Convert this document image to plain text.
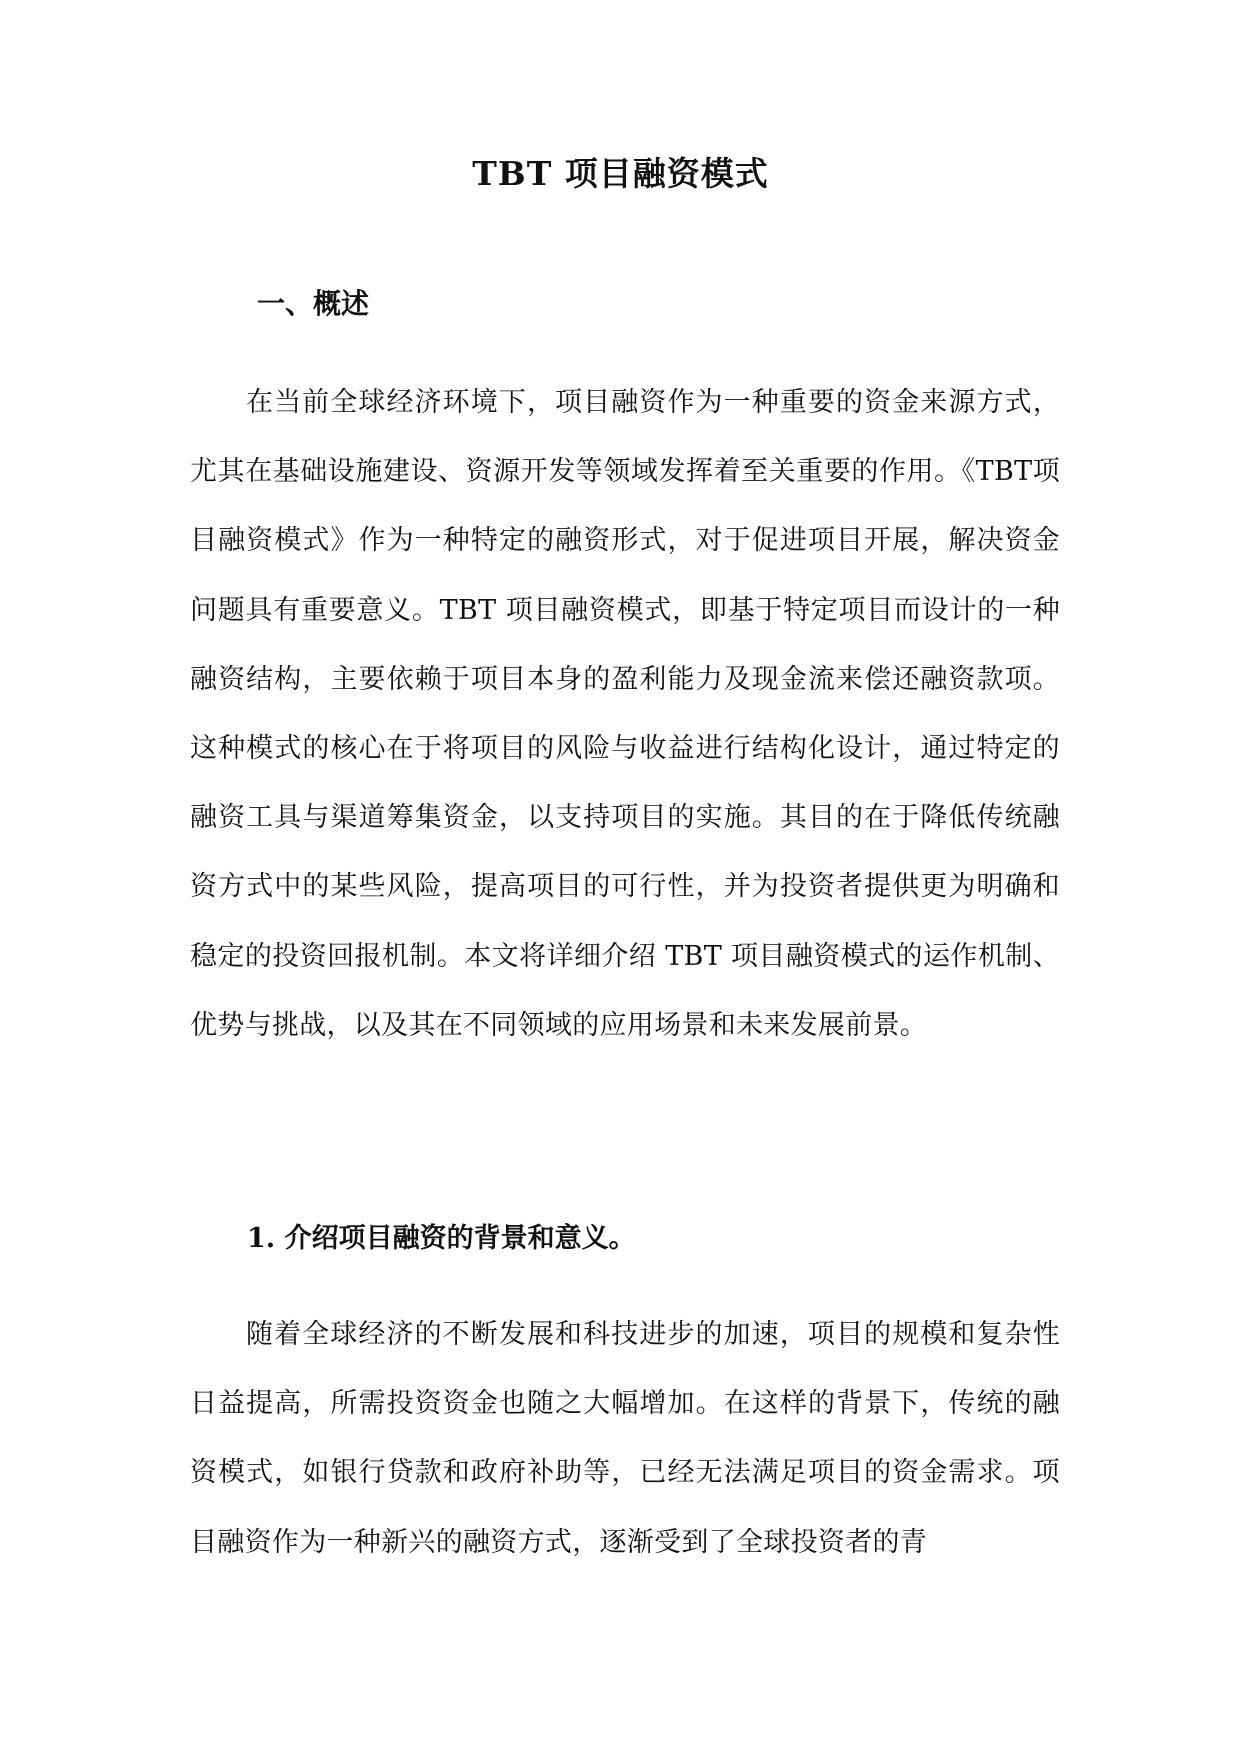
TBT 项目融资模式
一、概述

在当前全球经济环境下，项目融资作为一种重要的资金来源方式，尤其在基础设施建设、资源开发等领域发挥着至关重要的作用。《TBT项目融资模式》作为一种特定的融资形式，对于促进项目开展，解决资金问题具有重要意义。TBT 项目融资模式，即基于特定项目而设计的一种融资结构，主要依赖于项目本身的盈利能力及现金流来偿还融资款项。这种模式的核心在于将项目的风险与收益进行结构化设计，通过特定的融资工具与渠道筹集资金，以支持项目的实施。其目的在于降低传统融资方式中的某些风险，提高项目的可行性，并为投资者提供更为明确和稳定的投资回报机制。本文将详细介绍 TBT 项目融资模式的运作机制、优势与挑战，以及其在不同领域的应用场景和未来发展前景。

1. 介绍项目融资的背景和意义。

随着全球经济的不断发展和科技进步的加速，项目的规模和复杂性日益提高，所需投资资金也随之大幅增加。在这样的背景下，传统的融资模式，如银行贷款和政府补助等，已经无法满足项目的资金需求。项目融资作为一种新兴的融资方式，逐渐受到了全球投资者的青
